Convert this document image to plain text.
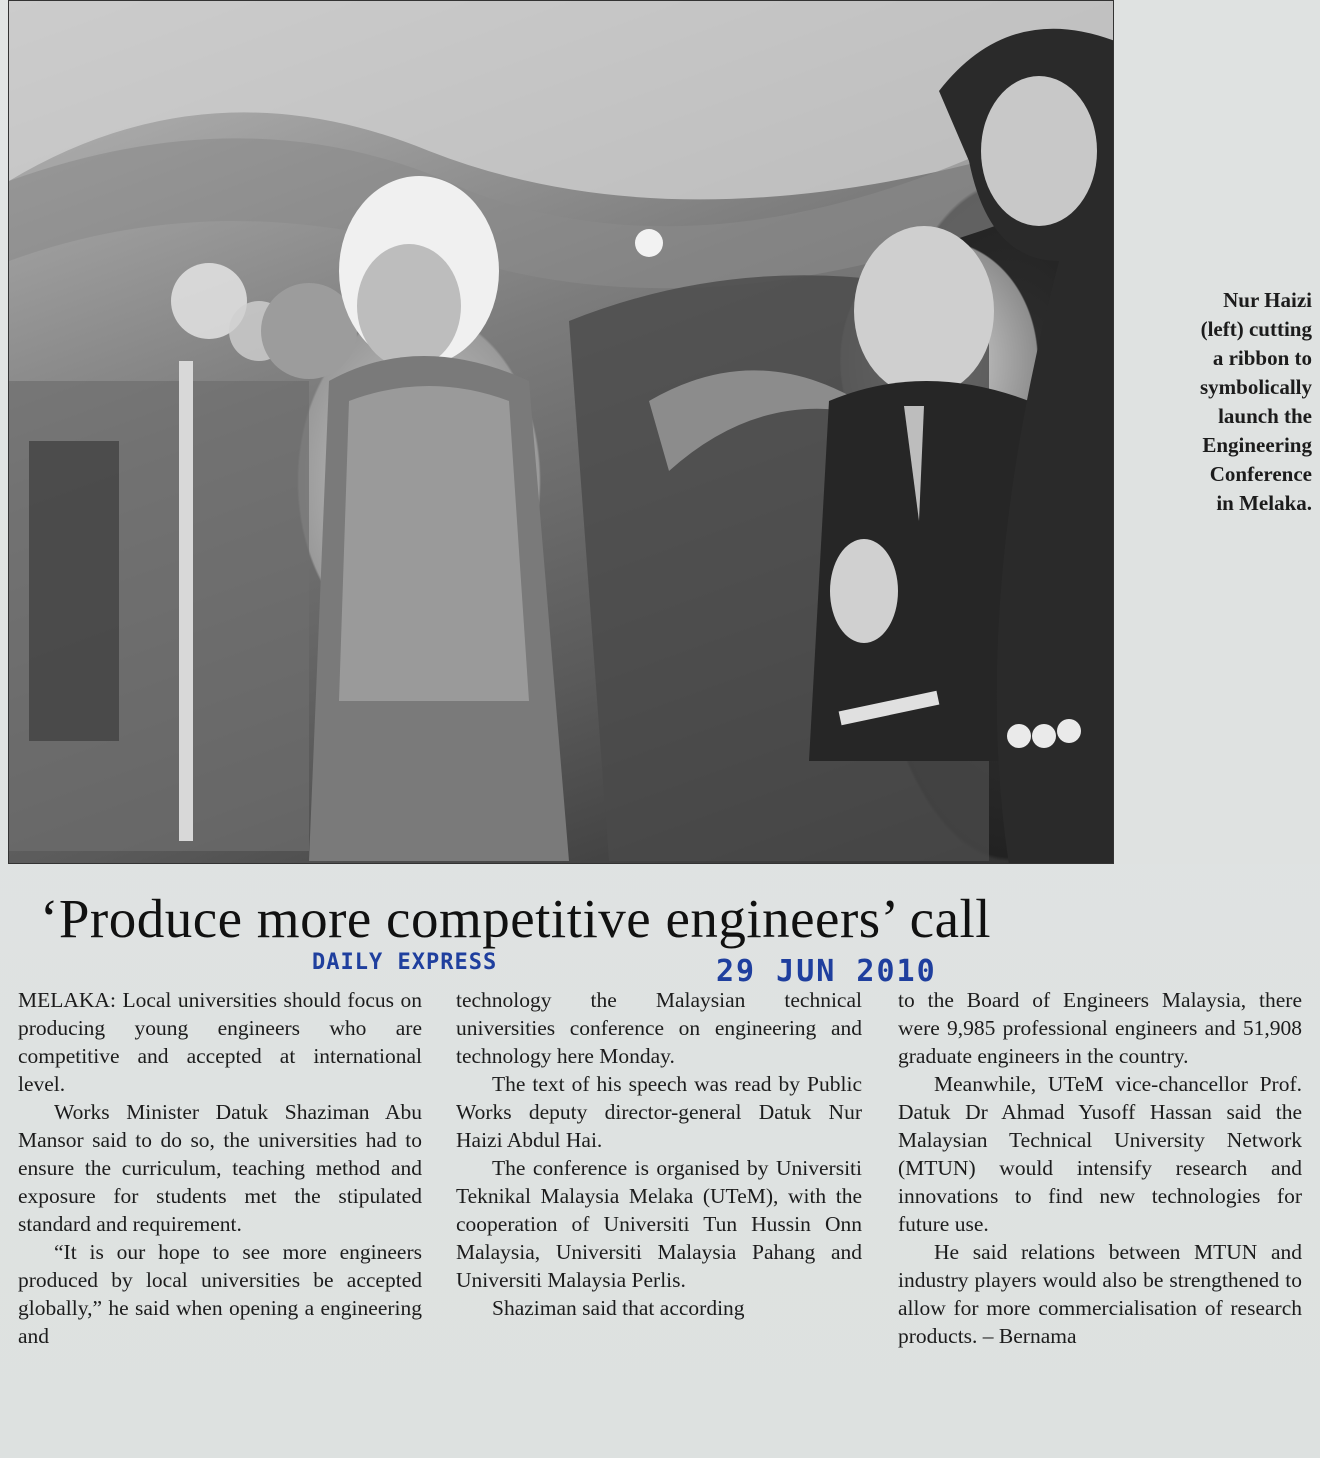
Nur Haizi
(left) cutting
a ribbon to
symbolically
launch the
Engineering
Conference
in Melaka.
‘Produce more competitive engineers’ call
DAILY EXPRESS	29 JUN 2010

MELAKA: Local universities should focus on producing young engineers who are competitive and accepted at international level.

Works Minister Datuk Shaziman Abu Mansor said to do so, the universities had to ensure the curriculum, teaching method and exposure for students met the stipulated standard and requirement.

“It is our hope to see more engineers produced by local universities be accepted globally,” he said when opening a engineering and

technology the Malaysian technical universities conference on engineering and technology here Monday.

The text of his speech was read by Public Works deputy director-general Datuk Nur Haizi Abdul Hai.

The conference is organised by Universiti Teknikal Malaysia Melaka (UTeM), with the cooperation of Universiti Tun Hussin Onn Malaysia, Universiti Malaysia Pahang and Universiti Malaysia Perlis.

Shaziman said that according

to the Board of Engineers Malaysia, there were 9,985 professional engineers and 51,908 graduate engineers in the country.

Meanwhile, UTeM vice-chancellor Prof. Datuk Dr Ahmad Yusoff Hassan said the Malaysian Technical University Network (MTUN) would intensify research and innovations to find new technologies for future use.

He said relations between MTUN and industry players would also be strengthened to allow for more commercialisation of research products. – Bernama
